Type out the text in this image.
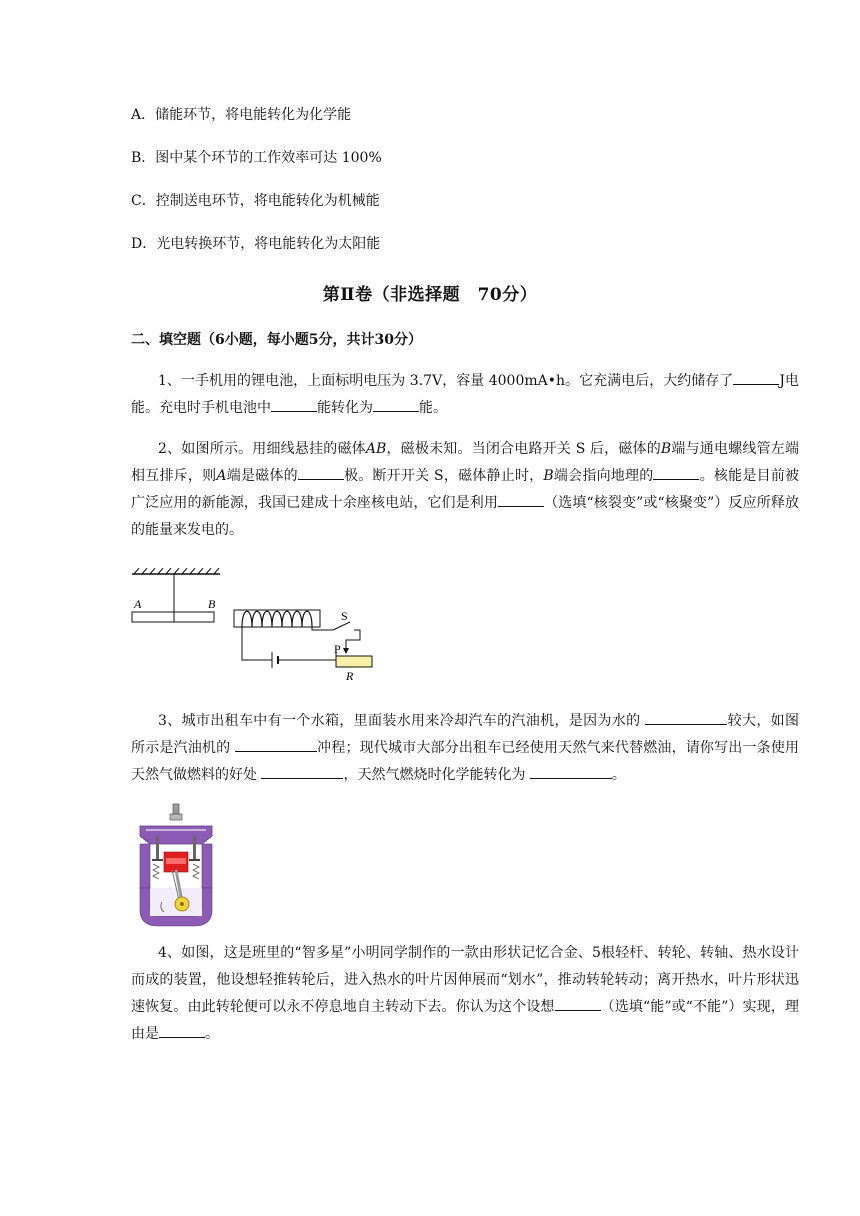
A．储能环节，将电能转化为化学能
B．图中某个环节的工作效率可达 100%
C．控制送电环节，将电能转化为机械能
D．光电转换环节，将电能转化为太阳能
第Ⅱ卷（非选择题　70分）
二、填空题（6小题，每小题5分，共计30分）
1、一手机用的锂电池，上面标明电压为 3.7V，容量 4000mA•h。它充满电后，大约储存了	J电能。充电时手机电池中	能转化为	能。
2、如图所示。用细线悬挂的磁体AB，磁极未知。当闭合电路开关 S 后，磁体的B端与通电螺线管左端相互排斥，则A端是磁体的	极。断开开关 S，磁体静止时，B端会指向地理的	。核能是目前被广泛应用的新能源，我国已建成十余座核电站，它们是利用	（选填“核裂变”或“核聚变”）反应所释放的能量来发电的。
A	B
S
P
R
3、城市出租车中有一个水箱，里面装水用来冷却汽车的汽油机，是因为水的	较大，如图所示是汽油机的	冲程；现代城市大部分出租车已经使用天然气来代替燃油，请你写出一条使用天然气做燃料的好处	，天然气燃烧时化学能转化为	。
4、如图，这是班里的“智多星”小明同学制作的一款由形状记忆合金、5根轻杆、转轮、转轴、热水设计而成的装置，他设想轻推转轮后，进入热水的叶片因伸展而“划水”，推动转轮转动；离开热水，叶片形状迅速恢复。由此转轮便可以永不停息地自主转动下去。你认为这个设想	（选填“能”或“不能”）实现，理由是	。
